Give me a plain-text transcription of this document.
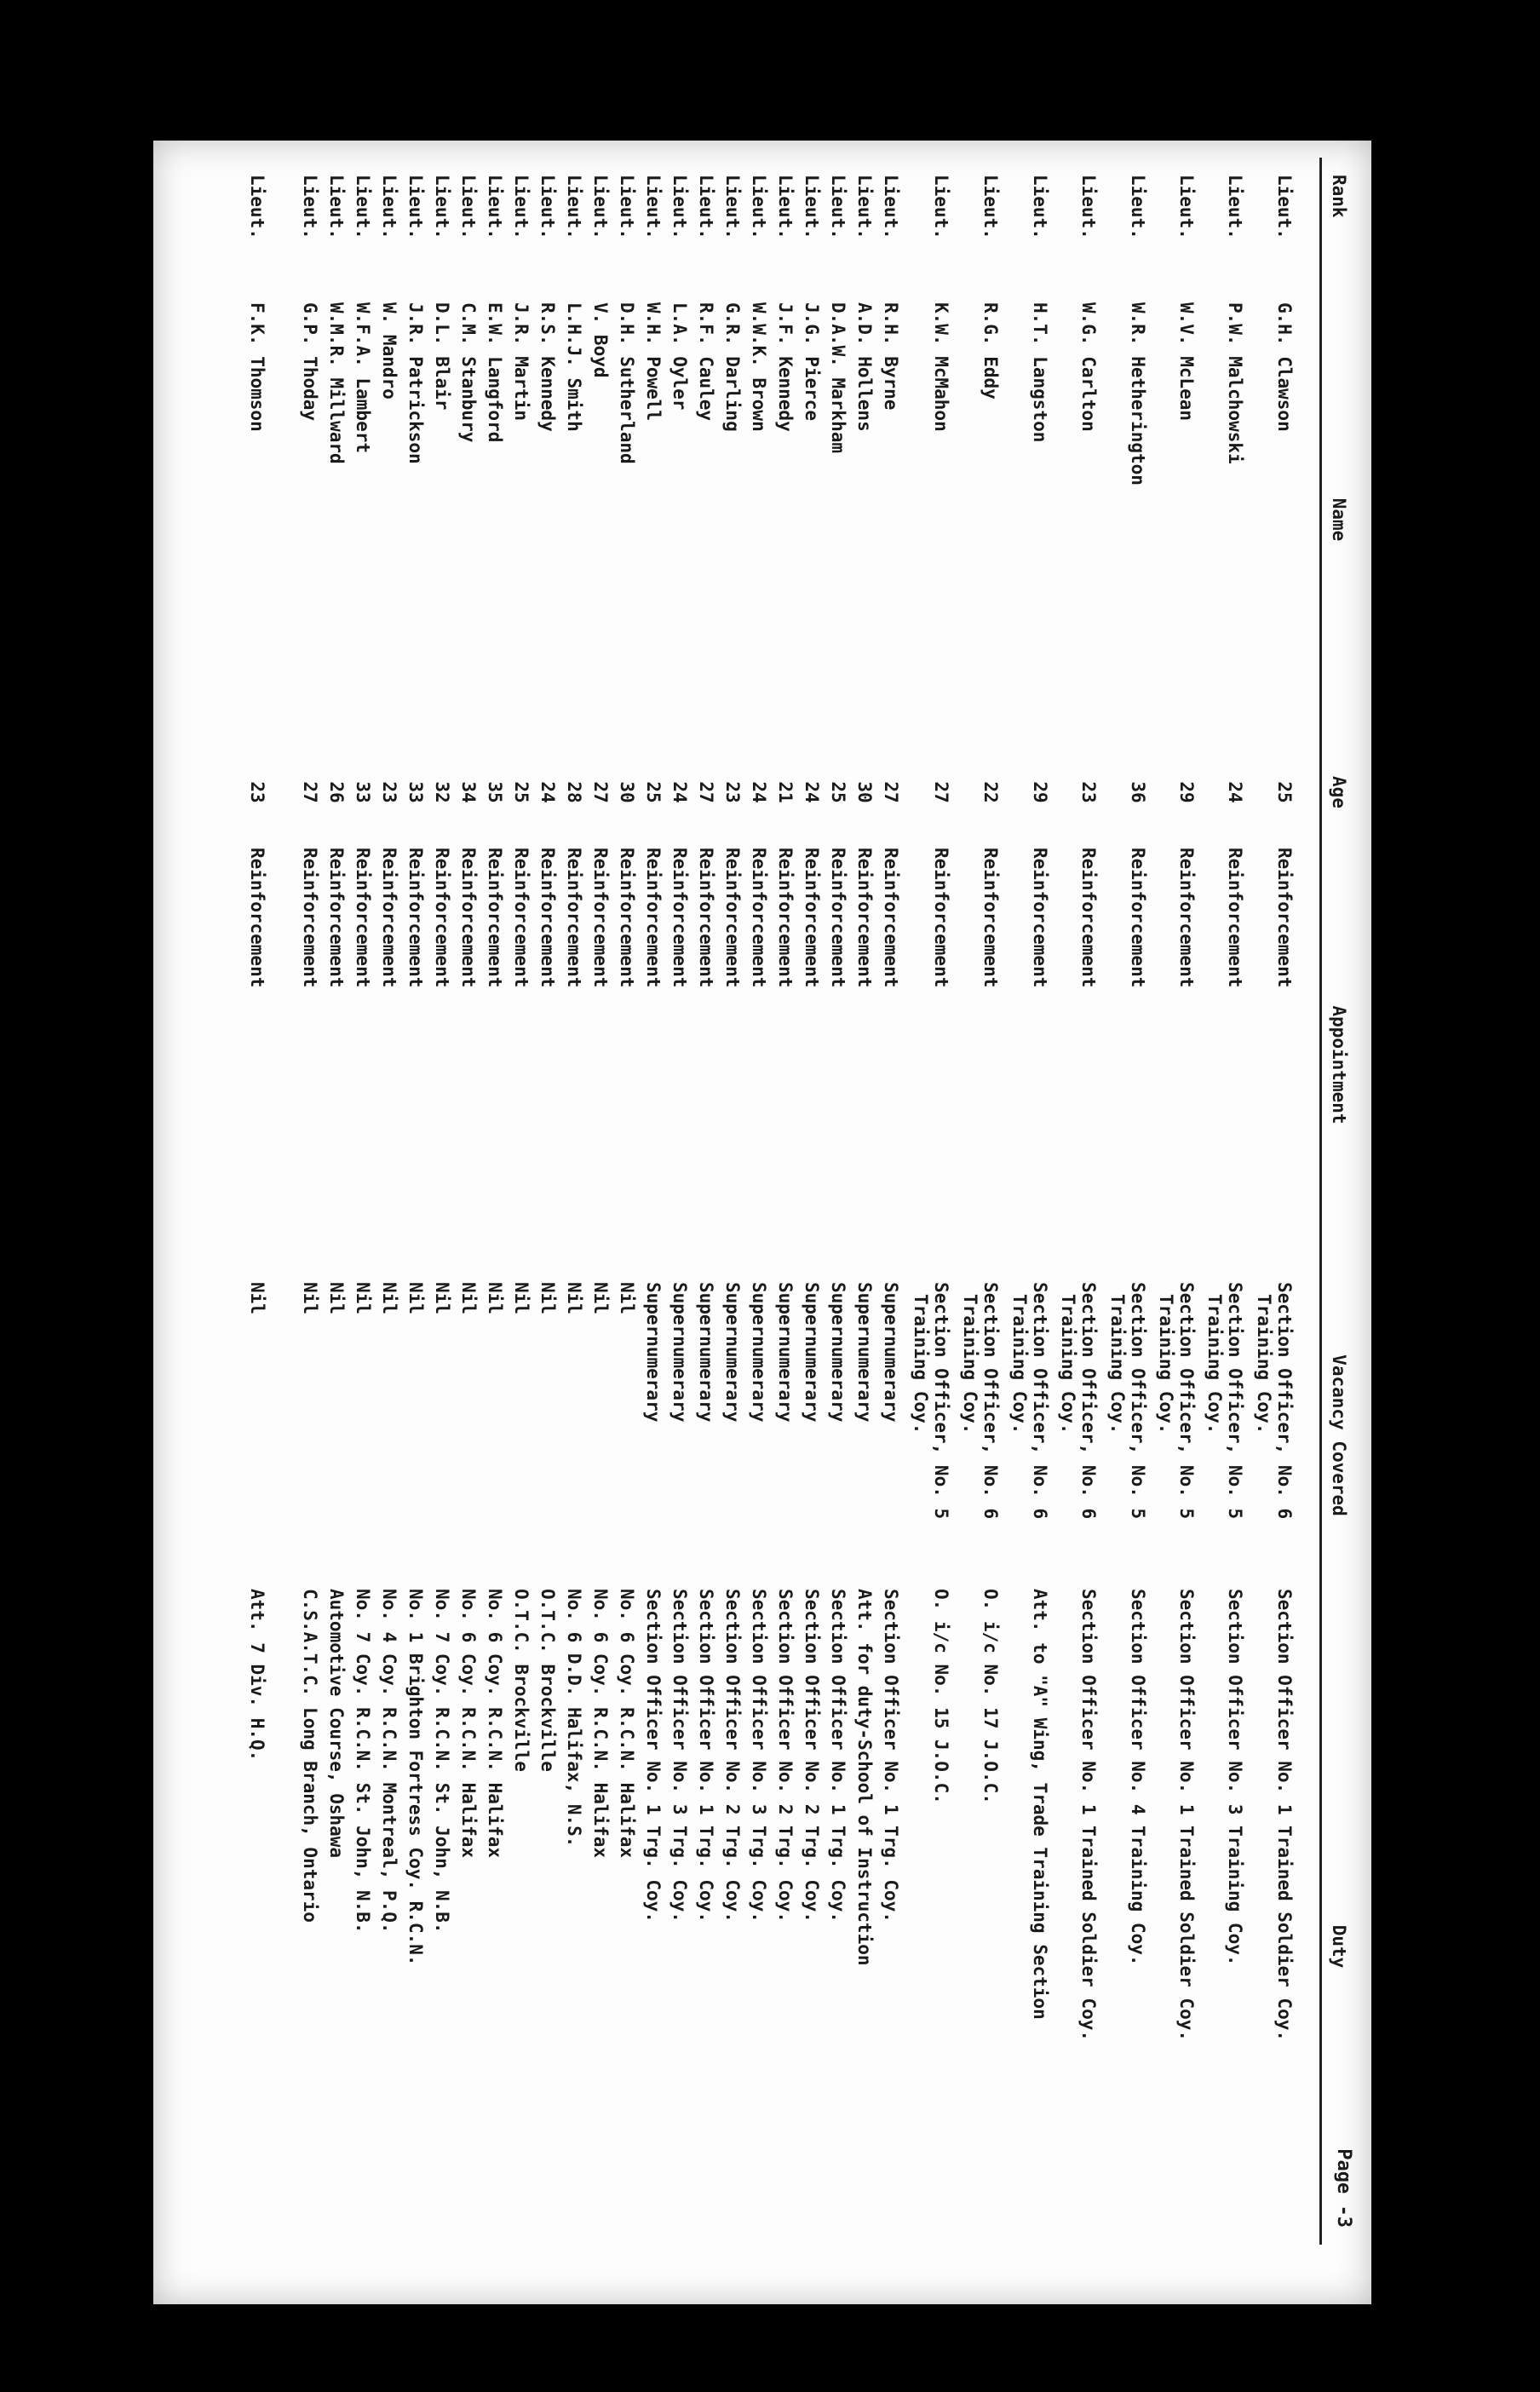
Page -3
Rank
Name
Age
Appointment
Vacancy Covered
Duty
Lieut.
G.H. Clawson
25
Reinforcement
Section Officer, No. 6
Training Coy.
Section Officer No. 1 Trained Soldier Coy.
Lieut.
P.W. Malchowski
24
Reinforcement
Section Officer, No. 5
Training Coy.
Section Officer No. 3 Training Coy.
Lieut.
W.V. McLean
29
Reinforcement
Section Officer, No. 5
Training Coy.
Section Officer No. 1 Trained Soldier Coy.
Lieut.
W.R. Hetherington
36
Reinforcement
Section Officer, No. 5
Training Coy.
Section Officer No. 4 Training Coy.
Lieut.
W.G. Carlton
23
Reinforcement
Section Officer, No. 6
Training Coy.
Section Officer No. 1 Trained Soldier Coy.
Lieut.
H.T. Langston
29
Reinforcement
Section Officer, No. 6
Training Coy.
Att. to "A" Wing, Trade Training Section
Lieut.
R.G. Eddy
22
Reinforcement
Section Officer, No. 6
Training Coy.
O. i/c No. 17 J.O.C.
Lieut.
K.W. McMahon
27
Reinforcement
Section Officer, No. 5
Training Coy.
O. i/c No. 15 J.O.C.
Lieut.
R.H. Byrne
27
Reinforcement
Supernumerary
Section Officer No. 1 Trg. Coy.
Lieut.
A.D. Hollens
30
Reinforcement
Supernumerary
Att. for duty-School of Instruction
Lieut.
D.A.W. Markham
25
Reinforcement
Supernumerary
Section Officer No. 1 Trg. Coy.
Lieut.
J.G. Pierce
24
Reinforcement
Supernumerary
Section Officer No. 2 Trg. Coy.
Lieut.
J.F. Kennedy
21
Reinforcement
Supernumerary
Section Officer No. 2 Trg. Coy.
Lieut.
W.W.K. Brown
24
Reinforcement
Supernumerary
Section Officer No. 3 Trg. Coy.
Lieut.
G.R. Darling
23
Reinforcement
Supernumerary
Section Officer No. 2 Trg. Coy.
Lieut.
R.F. Cauley
27
Reinforcement
Supernumerary
Section Officer No. 1 Trg. Coy.
Lieut.
L.A. Oyler
24
Reinforcement
Supernumerary
Section Officer No. 3 Trg. Coy.
Lieut.
W.H. Powell
25
Reinforcement
Supernumerary
Section Officer No. 1 Trg. Coy.
Lieut.
D.H. Sutherland
30
Reinforcement
Nil
No. 6 Coy. R.C.N. Halifax
Lieut.
V. Boyd
27
Reinforcement
Nil
No. 6 Coy. R.C.N. Halifax
Lieut.
L.H.J. Smith
28
Reinforcement
Nil
No. 6 D.D. Halifax, N.S.
Lieut.
R.S. Kennedy
24
Reinforcement
Nil
O.T.C. Brockville
Lieut.
J.R. Martin
25
Reinforcement
Nil
O.T.C. Brockville
Lieut.
E.W. Langford
35
Reinforcement
Nil
No. 6 Coy. R.C.N. Halifax
Lieut.
C.M. Stanbury
34
Reinforcement
Nil
No. 6 Coy. R.C.N. Halifax
Lieut.
D.L. Blair
32
Reinforcement
Nil
No. 7 Coy. R.C.N. St. John, N.B.
Lieut.
J.R. Patrickson
33
Reinforcement
Nil
No. 1 Brighton Fortress Coy. R.C.N.
Lieut.
W. Mandro
23
Reinforcement
Nil
No. 4 Coy. R.C.N. Montreal, P.Q.
Lieut.
W.F.A. Lambert
33
Reinforcement
Nil
No. 7 Coy. R.C.N. St. John, N.B.
Lieut.
W.M.R. Millward
26
Reinforcement
Nil
Automotive Course, Oshawa
Lieut.
G.P. Thoday
27
Reinforcement
Nil
C.S.A.T.C. Long Branch, Ontario
Lieut.
F.K. Thomson
23
Reinforcement
Nil
Att. 7 Div. H.Q.
